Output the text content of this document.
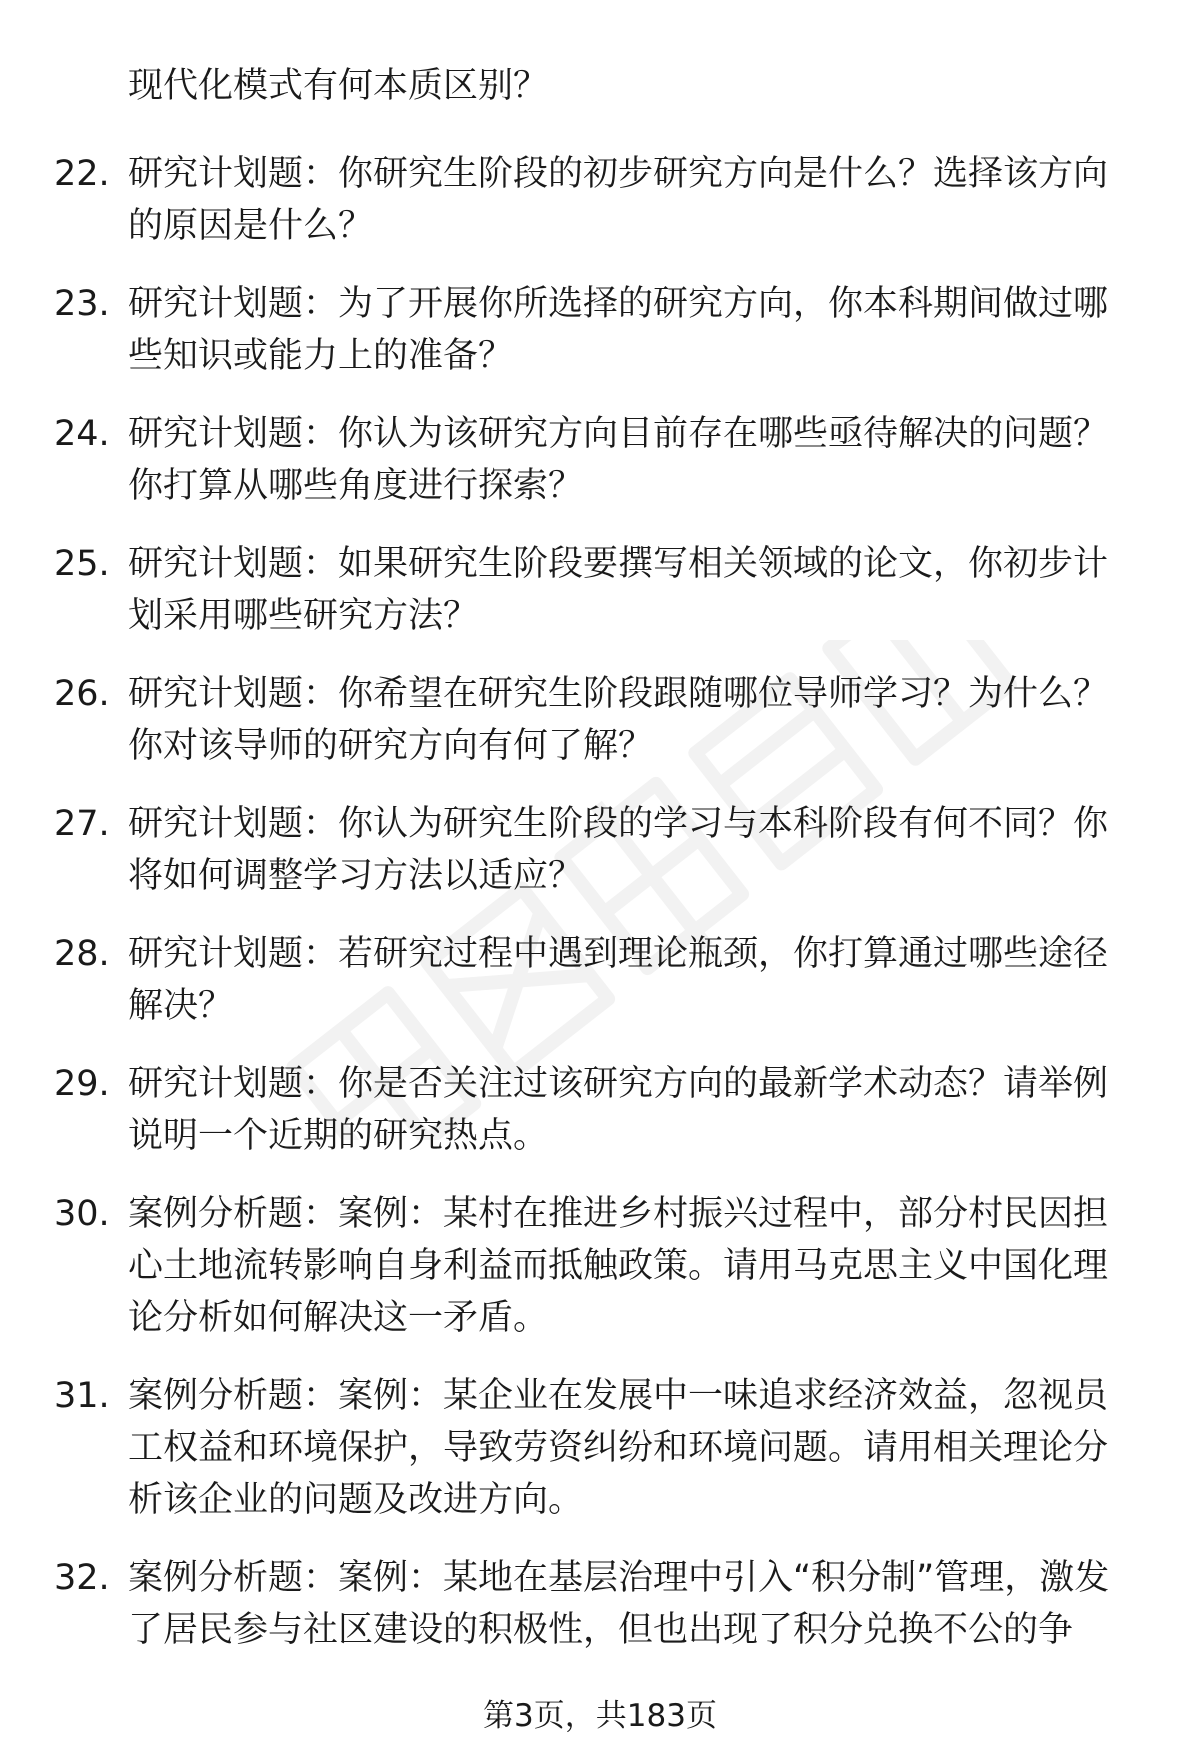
现代化模式有何本质区别？
22. 研究计划题：你研究生阶段的初步研究方向是什么？选择该方向的原因是什么？
23. 研究计划题：为了开展你所选择的研究方向，你本科期间做过哪些知识或能力上的准备？
24. 研究计划题：你认为该研究方向目前存在哪些亟待解决的问题？你打算从哪些角度进行探索？
25. 研究计划题：如果研究生阶段要撰写相关领域的论文，你初步计划采用哪些研究方法？
26. 研究计划题：你希望在研究生阶段跟随哪位导师学习？为什么？你对该导师的研究方向有何了解？
27. 研究计划题：你认为研究生阶段的学习与本科阶段有何不同？你将如何调整学习方法以适应？
28. 研究计划题：若研究过程中遇到理论瓶颈，你打算通过哪些途径解决？
29. 研究计划题：你是否关注过该研究方向的最新学术动态？请举例说明一个近期的研究热点。
30. 案例分析题：案例：某村在推进乡村振兴过程中，部分村民因担心土地流转影响自身利益而抵触政策。请用马克思主义中国化理论分析如何解决这一矛盾。
31. 案例分析题：案例：某企业在发展中一味追求经济效益，忽视员工权益和环境保护，导致劳资纠纷和环境问题。请用相关理论分析该企业的问题及改进方向。
32. 案例分析题：案例：某地在基层治理中引入“积分制”管理，激发了居民参与社区建设的积极性，但也出现了积分兑换不公的争
第3页，共183页
